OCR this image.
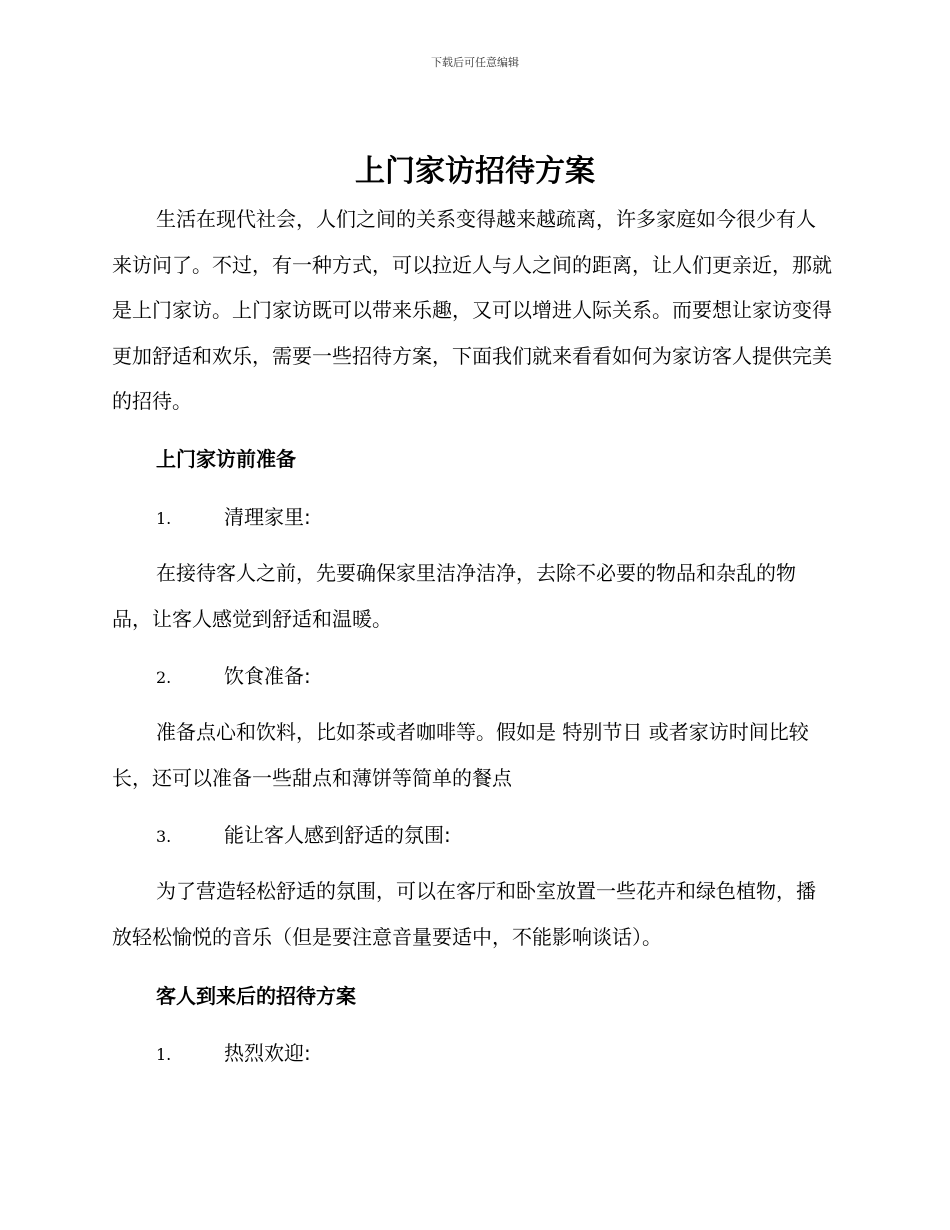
下载后可任意编辑
上门家访招待方案
生活在现代社会，人们之间的关系变得越来越疏离，许多家庭如今很少有人来访问了。不过，有一种方式，可以拉近人与人之间的距离，让人们更亲近，那就是上门家访。上门家访既可以带来乐趣，又可以增进人际关系。而要想让家访变得更加舒适和欢乐，需要一些招待方案，下面我们就来看看如何为家访客人提供完美的招待。
上门家访前准备
1.	清理家里:
在接待客人之前，先要确保家里洁净洁净，去除不必要的物品和杂乱的物品，让客人感觉到舒适和温暖。
2.	饮食准备:
准备点心和饮料，比如茶或者咖啡等。假如是 特别节日 或者家访时间比较长，还可以准备一些甜点和薄饼等简单的餐点
3.	能让客人感到舒适的氛围:
为了营造轻松舒适的氛围，可以在客厅和卧室放置一些花卉和绿色植物，播放轻松愉悦的音乐（但是要注意音量要适中，不能影响谈话）。
客人到来后的招待方案
1.	热烈欢迎:
